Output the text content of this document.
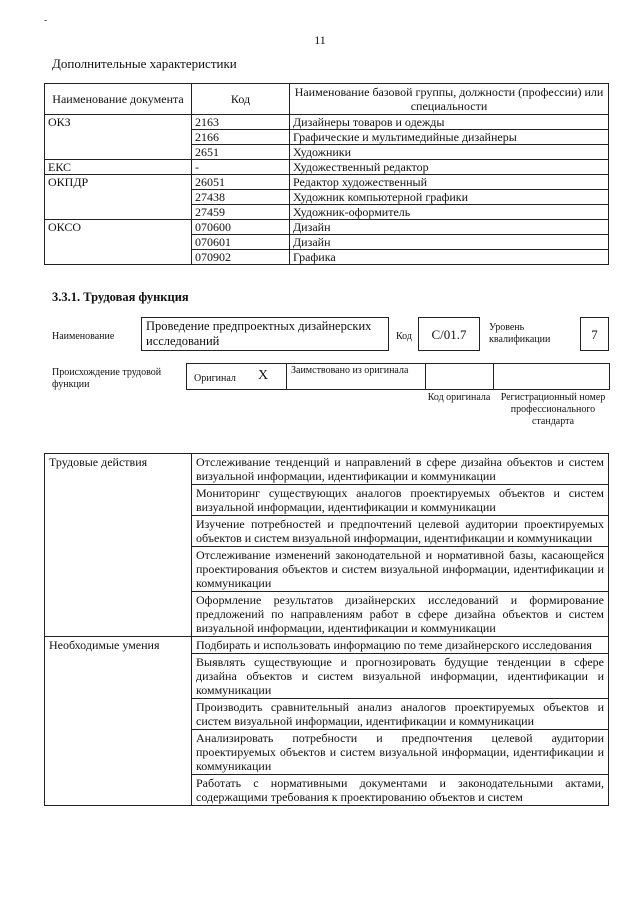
-
11
Дополнительные характеристики
Наименование документа	Код	Наименование базовой группы, должности (профессии) или специальности
ОКЗ	2163	Дизайнеры товаров и одежды
	2166	Графические и мультимедийные дизайнеры
	2651	Художники
ЕКС	-	Художественный редактор
ОКПДР	26051	Редактор художественный
	27438	Художник компьютерной графики
	27459	Художник-оформитель
ОКСО	070600	Дизайн
	070601	Дизайн
	070902	Графика
3.3.1. Трудовая функция
Наименование
Проведение предпроектных дизайнерских исследований	Код	C/01.7	Уровень квалификации	7
Происхождение трудовой функции
Оригинал X Заимствовано из оригинала
Код оригинала	Регистрационный номер профессионального стандарта
Трудовые действия	Отслеживание тенденций и направлений в сфере дизайна объектов и систем визуальной информации, идентификации и коммуникации
	Мониторинг существующих аналогов проектируемых объектов и систем визуальной информации, идентификации и коммуникации
	Изучение потребностей и предпочтений целевой аудитории проектируемых объектов и систем визуальной информации, идентификации и коммуникации
	Отслеживание изменений законодательной и нормативной базы, касающейся проектирования объектов и систем визуальной информации, идентификации и коммуникации
	Оформление результатов дизайнерских исследований и формирование предложений по направлениям работ в сфере дизайна объектов и систем визуальной информации, идентификации и коммуникации
Необходимые умения	Подбирать и использовать информацию по теме дизайнерского исследования
	Выявлять существующие и прогнозировать будущие тенденции в сфере дизайна объектов и систем визуальной информации, идентификации и коммуникации
	Производить сравнительный анализ аналогов проектируемых объектов и систем визуальной информации, идентификации и коммуникации
	Анализировать потребности и предпочтения целевой аудитории проектируемых объектов и систем визуальной информации, идентификации и коммуникации
	Работать с нормативными документами и законодательными актами, содержащими требования к проектированию объектов и систем
